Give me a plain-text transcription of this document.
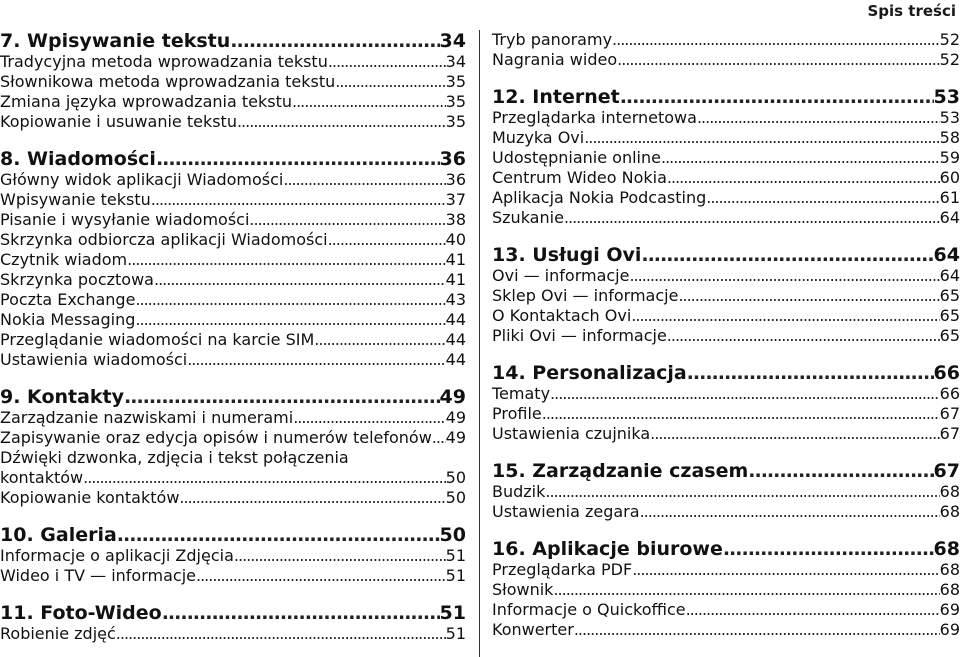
Spis treści
7. Wpisywanie tekstu .....	34
Tradycyjna metoda wprowadzania tekstu .....	34
Słownikowa metoda wprowadzania tekstu .....	35
Zmiana języka wprowadzania tekstu .....	35
Kopiowanie i usuwanie tekstu .....	35
8. Wiadomości .....	36
Główny widok aplikacji Wiadomości .....	36
Wpisywanie tekstu .....	37
Pisanie i wysyłanie wiadomości .....	38
Skrzynka odbiorcza aplikacji Wiadomości .....	40
Czytnik wiadom .....	41
Skrzynka pocztowa .....	41
Poczta Exchange .....	43
Nokia Messaging .....	44
Przeglądanie wiadomości na karcie SIM .....	44
Ustawienia wiadomości .....	44
9. Kontakty .....	49
Zarządzanie nazwiskami i numerami .....	49
Zapisywanie oraz edycja opisów i numerów telefonów ..... 49
Dźwięki dzwonka, zdjęcia i tekst połączenia
kontaktów .....	50
Kopiowanie kontaktów .....	50
10. Galeria .....	50
Informacje o aplikacji Zdjęcia .....	51
Wideo i TV — informacje .....	51
11. Foto-Wideo .....	51
Robienie zdjęć .....	51
Tryb panoramy .....	52
Nagrania wideo .....	52
12. Internet .....	53
Przeglądarka internetowa .....	53
Muzyka Ovi .....	58
Udostępnianie online .....	59
Centrum Wideo Nokia .....	60
Aplikacja Nokia Podcasting .....	61
Szukanie .....	64
13. Usługi Ovi .....	64
Ovi — informacje .....	64
Sklep Ovi — informacje .....	65
O Kontaktach Ovi .....	65
Pliki Ovi — informacje .....	65
14. Personalizacja .....	66
Tematy .....	66
Profile .....	67
Ustawienia czujnika .....	67
15. Zarządzanie czasem .....	67
Budzik .....	68
Ustawienia zegara .....	68
16. Aplikacje biurowe .....	68
Przeglądarka PDF .....	68
Słownik .....	68
Informacje o Quickoffice .....	69
Konwerter .....	69
